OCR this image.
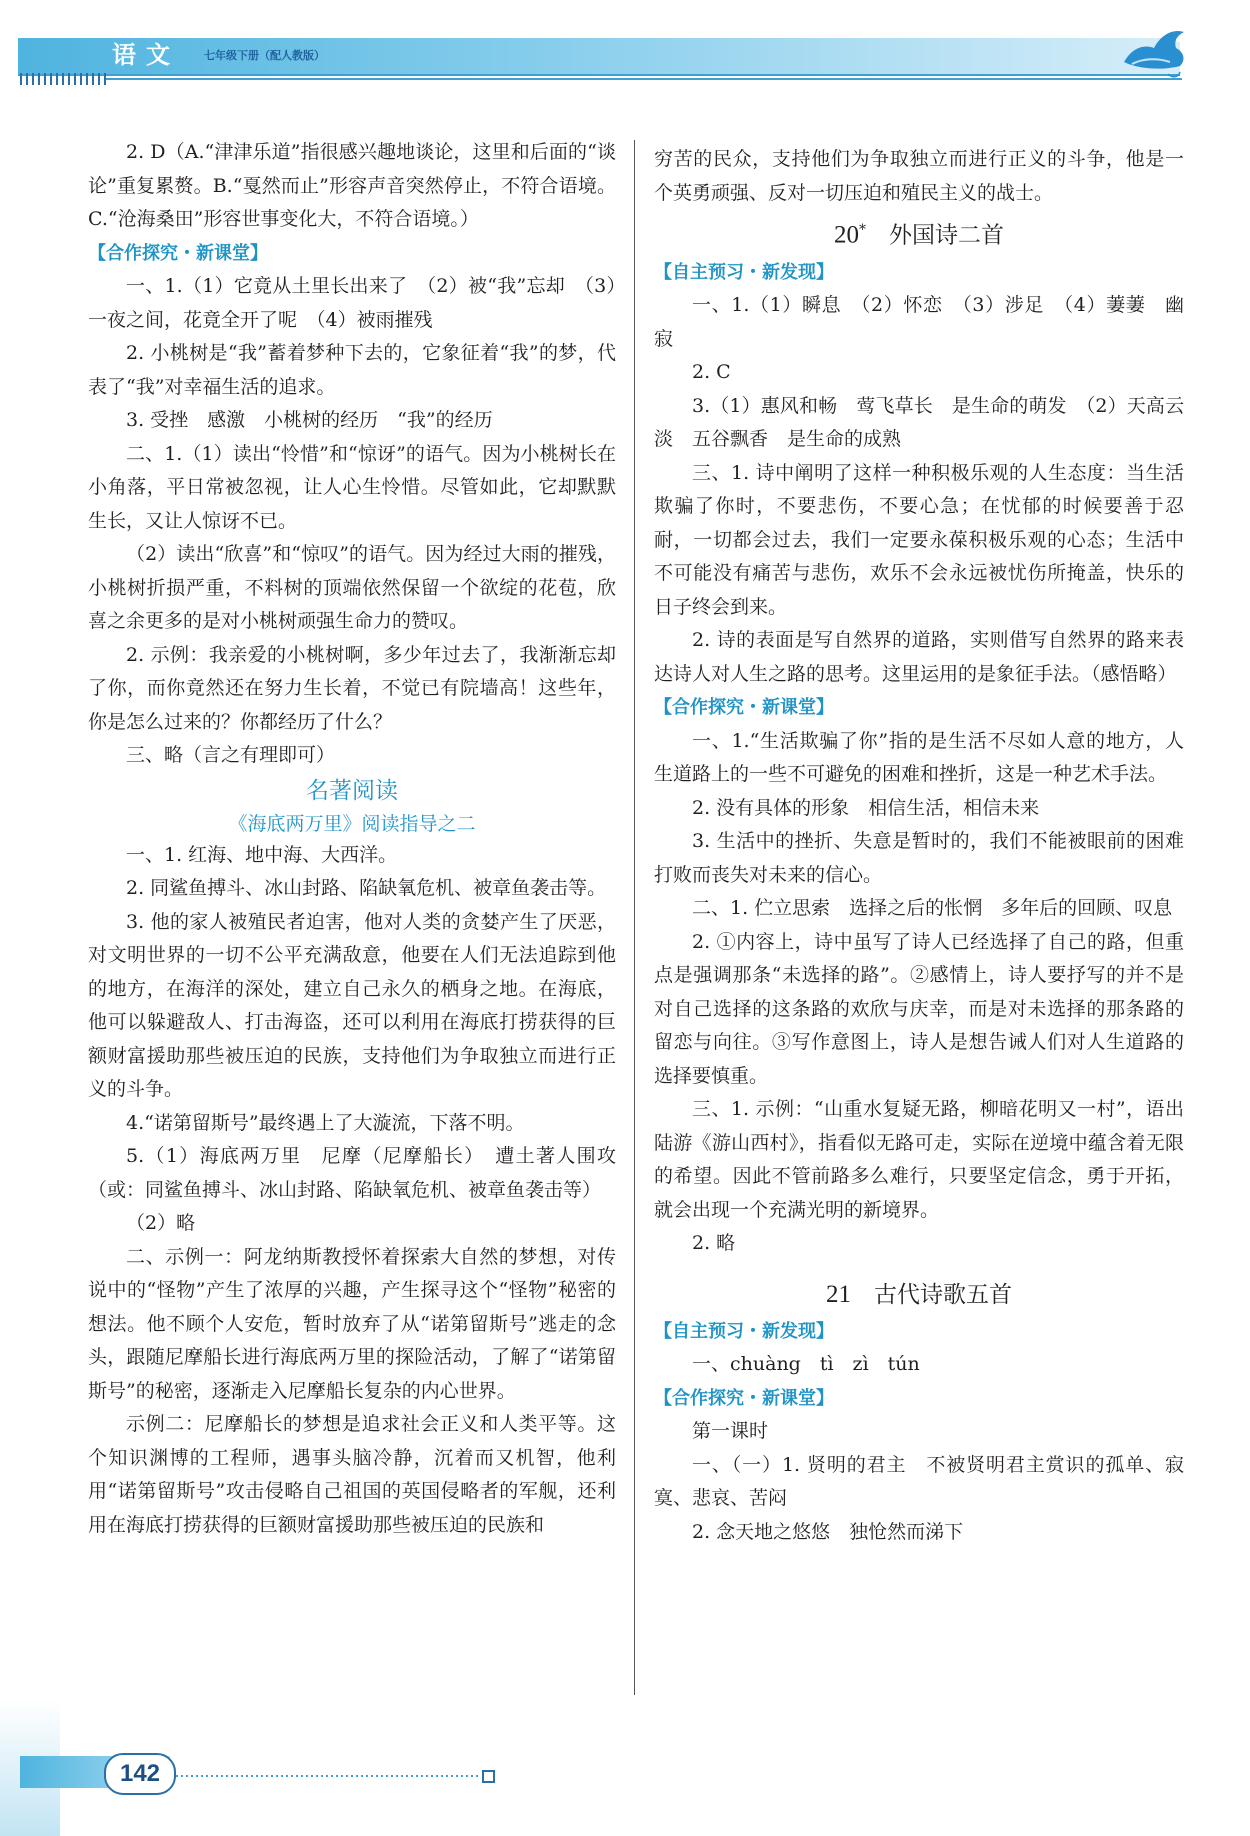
语文 七年级下册（配人教版）

2. D（A.“津津乐道”指很感兴趣地谈论，这里和后面的“谈论”重复累赘。B.“戛然而止”形容声音突然停止，不符合语境。C.“沧海桑田”形容世事变化大，不符合语境。）

【合作探究・新课堂】

一、1.（1）它竟从土里长出来了　（2）被“我”忘却　（3）一夜之间，花竟全开了呢　（4）被雨摧残

2. 小桃树是“我”蓄着梦种下去的，它象征着“我”的梦，代表了“我”对幸福生活的追求。

3. 受挫　感激　小桃树的经历　“我”的经历

二、1.（1）读出“怜惜”和“惊讶”的语气。因为小桃树长在小角落，平日常被忽视，让人心生怜惜。尽管如此，它却默默生长，又让人惊讶不已。

（2）读出“欣喜”和“惊叹”的语气。因为经过大雨的摧残，小桃树折损严重，不料树的顶端依然保留一个欲绽的花苞，欣喜之余更多的是对小桃树顽强生命力的赞叹。

2. 示例：我亲爱的小桃树啊，多少年过去了，我渐渐忘却了你，而你竟然还在努力生长着，不觉已有院墙高！这些年，你是怎么过来的？你都经历了什么？

三、略（言之有理即可）

名著阅读

《海底两万里》阅读指导之二

一、1. 红海、地中海、大西洋。

2. 同鲨鱼搏斗、冰山封路、陷缺氧危机、被章鱼袭击等。

3. 他的家人被殖民者迫害，他对人类的贪婪产生了厌恶，对文明世界的一切不公平充满敌意，他要在人们无法追踪到他的地方，在海洋的深处，建立自己永久的栖身之地。在海底，他可以躲避敌人、打击海盗，还可以利用在海底打捞获得的巨额财富援助那些被压迫的民族，支持他们为争取独立而进行正义的斗争。

4.“诺第留斯号”最终遇上了大漩流，下落不明。

5.（1）海底两万里　尼摩（尼摩船长）　遭土著人围攻（或：同鲨鱼搏斗、冰山封路、陷缺氧危机、被章鱼袭击等）

（2）略

二、示例一：阿龙纳斯教授怀着探索大自然的梦想，对传说中的“怪物”产生了浓厚的兴趣，产生探寻这个“怪物”秘密的想法。他不顾个人安危，暂时放弃了从“诺第留斯号”逃走的念头，跟随尼摩船长进行海底两万里的探险活动，了解了“诺第留斯号”的秘密，逐渐走入尼摩船长复杂的内心世界。

示例二：尼摩船长的梦想是追求社会正义和人类平等。这个知识渊博的工程师，遇事头脑冷静，沉着而又机智，他利用“诺第留斯号”攻击侵略自己祖国的英国侵略者的军舰，还利用在海底打捞获得的巨额财富援助那些被压迫的民族和

穷苦的民众，支持他们为争取独立而进行正义的斗争，他是一个英勇顽强、反对一切压迫和殖民主义的战士。

20*　 外国诗二首

【自主预习・新发现】

一、1.（1）瞬息　（2）怀恋　（3）涉足　（4）萋萋　幽寂

2. C

3.（1）惠风和畅　莺飞草长　是生命的萌发　（2）天高云淡　五谷飘香　是生命的成熟

三、1. 诗中阐明了这样一种积极乐观的人生态度：当生活欺骗了你时，不要悲伤，不要心急；在忧郁的时候要善于忍耐，一切都会过去，我们一定要永葆积极乐观的心态；生活中不可能没有痛苦与悲伤，欢乐不会永远被忧伤所掩盖，快乐的日子终会到来。

2. 诗的表面是写自然界的道路，实则借写自然界的路来表达诗人对人生之路的思考。这里运用的是象征手法。（感悟略）

【合作探究・新课堂】

一、1.“生活欺骗了你”指的是生活不尽如人意的地方，人生道路上的一些不可避免的困难和挫折，这是一种艺术手法。

2. 没有具体的形象　相信生活，相信未来

3. 生活中的挫折、失意是暂时的，我们不能被眼前的困难打败而丧失对未来的信心。

二、1. 伫立思索　选择之后的怅惘　多年后的回顾、叹息

2. ①内容上，诗中虽写了诗人已经选择了自己的路，但重点是强调那条“未选择的路”。②感情上，诗人要抒写的并不是对自己选择的这条路的欢欣与庆幸，而是对未选择的那条路的留恋与向往。③写作意图上，诗人是想告诫人们对人生道路的选择要慎重。

三、1. 示例：“山重水复疑无路，柳暗花明又一村”，语出陆游《游山西村》，指看似无路可走，实际在逆境中蕴含着无限的希望。因此不管前路多么难行，只要坚定信念，勇于开拓，就会出现一个充满光明的新境界。

2. 略

21　 古代诗歌五首

【自主预习・新发现】

一、chuàng　tì　zì　tún

【合作探究・新课堂】

第一课时

一、（一）1. 贤明的君主　不被贤明君主赏识的孤单、寂寞、悲哀、苦闷

2. 念天地之悠悠　独怆然而涕下

142
